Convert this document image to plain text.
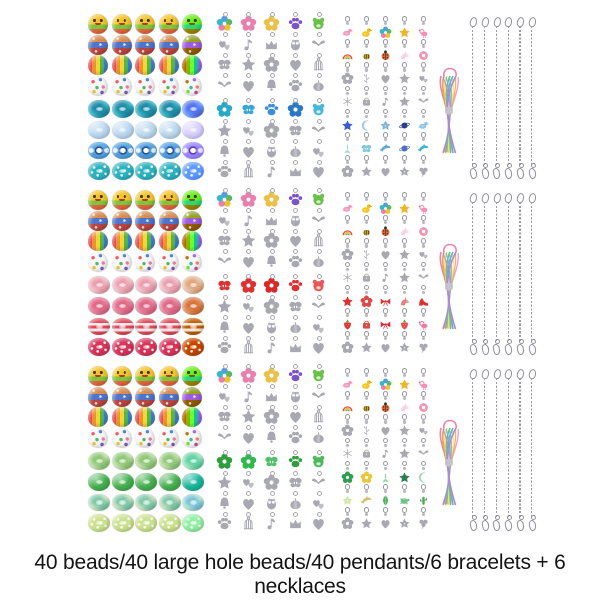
40 beads/40 large hole beads/40 pendants/6 bracelets + 6 necklaces
